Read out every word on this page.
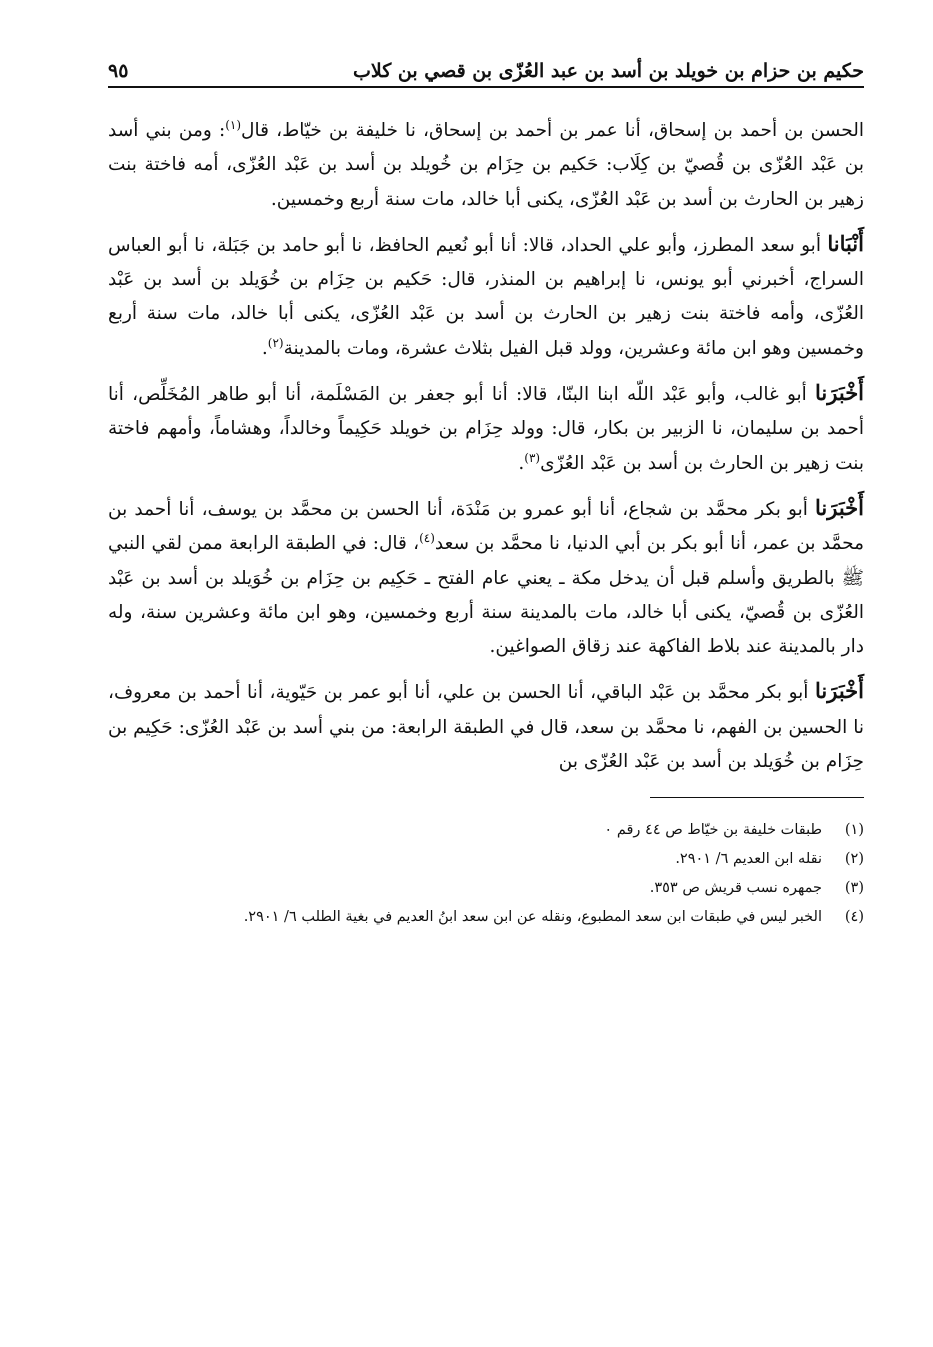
حكيم بن حزام بن خويلد بن أسد بن عبد العُزّى بن قصي بن كلاب
٩٥

الحسن بن أحمد بن إسحاق، أنا عمر بن أحمد بن إسحاق، نا خليفة بن خيّاط، قال$^{(١)}$: ومن بني أسد بن عَبْد العُزّى بن قُصيّ بن كِلَاب: حَكيم بن حِزَام بن خُويلد بن أسد بن عَبْد العُزّى، أمه فاختة بنت زهير بن الحارث بن أسد بن عَبْد العُزّى، يكنى أبا خالد، مات سنة أربع وخمسين.

أَنْبَانا أبو سعد المطرز، وأبو علي الحداد، قالا: أنا أبو نُعيم الحافظ، نا أبو حامد بن جَبَلة، نا أبو العباس السراج، أخبرني أبو يونس، نا إبراهيم بن المنذر، قال: حَكيم بن حِزَام بن خُوَيلد بن أسد بن عَبْد العُزّى، وأمه فاختة بنت زهير بن الحارث بن أسد بن عَبْد العُزّى، يكنى أبا خالد، مات سنة أربع وخمسين وهو ابن مائة وعشرين، وولد قبل الفيل بثلاث عشرة، ومات بالمدينة$^{(٢)}$.

أَخْبَرَنا أبو غالب، وأبو عَبْد اللّه ابنا البنّا، قالا: أنا أبو جعفر بن المَسْلَمة، أنا أبو طاهر المُخَلِّص، أنا أحمد بن سليمان، نا الزبير بن بكار، قال: وولد حِزَام بن خويلد حَكِيماً وخالداً، وهشاماً، وأمهم فاختة بنت زهير بن الحارث بن أسد بن عَبْد العُزّى$^{(٣)}$.

أَخْبَرَنا أبو بكر محمَّد بن شجاع، أنا أبو عمرو بن مَنْدَة، أنا الحسن بن محمَّد بن يوسف، أنا أحمد بن محمَّد بن عمر، أنا أبو بكر بن أبي الدنيا، نا محمَّد بن سعد$^{(٤)}$، قال: في الطبقة الرابعة ممن لقي النبي ﷺ بالطريق وأسلم قبل أن يدخل مكة ـ يعني عام الفتح ـ حَكِيم بن حِزَام بن خُوَيلد بن أسد بن عَبْد العُزّى بن قُصيّ، يكنى أبا خالد، مات بالمدينة سنة أربع وخمسين، وهو ابن مائة وعشرين سنة، وله دار بالمدينة عند بلاط الفاكهة عند زقاق الصواغين.

أَخْبَرَنا أبو بكر محمَّد بن عَبْد الباقي، أنا الحسن بن علي، أنا أبو عمر بن حَيّوية، أنا أحمد بن معروف، نا الحسين بن الفهم، نا محمَّد بن سعد، قال في الطبقة الرابعة: من بني أسد بن عَبْد العُزّى: حَكِيم بن حِزَام بن خُوَيلد بن أسد بن عَبْد العُزّى بن

(١)
طبقات خليفة بن خيّاط ص ٤٤ رقم ٠
(٢)
نقله ابن العديم ٦/ ٢٩٠١.
(٣)
جمهره نسب قريش ص ٣٥٣.
(٤)
الخبر ليس في طبقات ابن سعد المطبوع، ونقله عن ابن سعد ابنُ العديم في بغية الطلب ٦/ ٢٩٠١.
